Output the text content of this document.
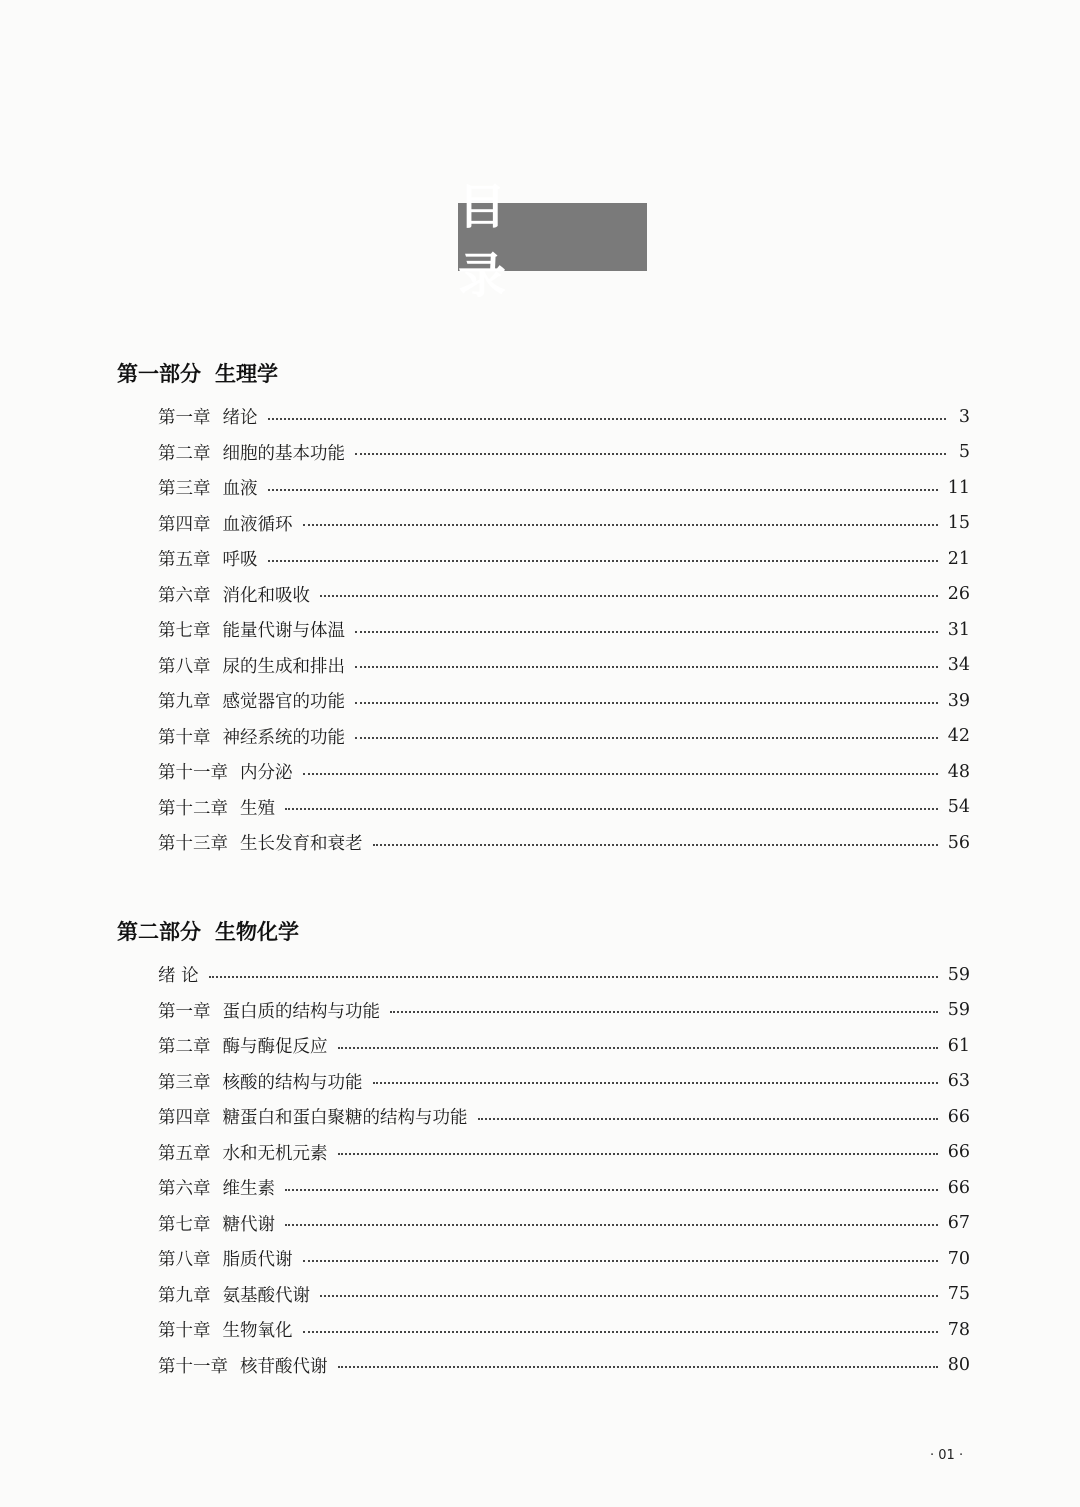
目 录
第一部分 生理学
第一章 绪论	3
第二章 细胞的基本功能	5
第三章 血液	11
第四章 血液循环	15
第五章 呼吸	21
第六章 消化和吸收	26
第七章 能量代谢与体温	31
第八章 尿的生成和排出	34
第九章 感觉器官的功能	39
第十章 神经系统的功能	42
第十一章 内分泌	48
第十二章 生殖	54
第十三章 生长发育和衰老	56
第二部分 生物化学
绪 论	59
第一章 蛋白质的结构与功能	59
第二章 酶与酶促反应	61
第三章 核酸的结构与功能	63
第四章 糖蛋白和蛋白聚糖的结构与功能	66
第五章 水和无机元素	66
第六章 维生素	66
第七章 糖代谢	67
第八章 脂质代谢	70
第九章 氨基酸代谢	75
第十章 生物氧化	78
第十一章 核苷酸代谢	80
· 01 ·
